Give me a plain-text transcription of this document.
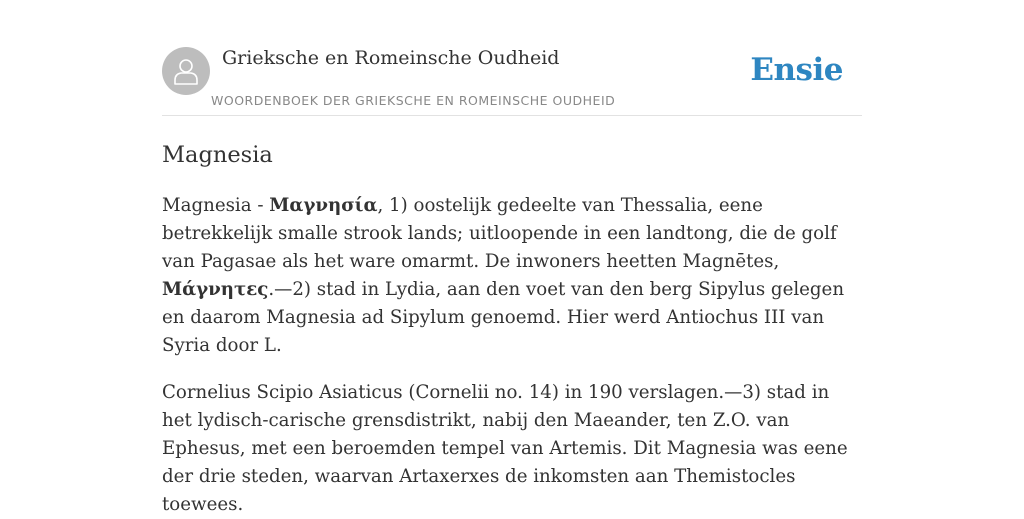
Grieksche en Romeinsche Oudheid
WOORDENBOEK DER GRIEKSCHE EN ROMEINSCHE OUDHEID
Ensie
Magnesia

Magnesia - Μαγνησία, 1) oostelijk gedeelte van Thessalia, eene betrekkelijk smalle strook lands; uitloopende in een landtong, die de golf van Pagasae als het ware omarmt. De inwoners heetten Magnētes, Μάγνητες.—2) stad in Lydia, aan den voet van den berg Sipylus gelegen en daarom Magnesia ad Sipylum genoemd. Hier werd Antiochus III van Syria door L.

Cornelius Scipio Asiaticus (Cornelii no. 14) in 190 verslagen.—3) stad in het lydisch-carische grensdistrikt, nabij den Maeander, ten Z.O. van Ephesus, met een beroemden tempel van Artemis. Dit Magnesia was eene der drie steden, waarvan Artaxerxes de inkomsten aan Themistocles toewees.
